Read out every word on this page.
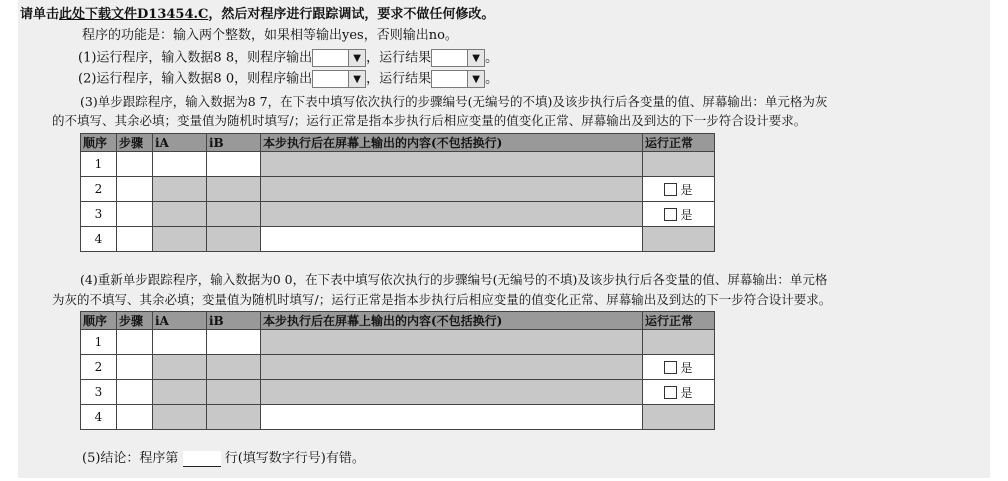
请单击此处下载文件D13454.C，然后对程序进行跟踪调试，要求不做任何修改。
程序的功能是：输入两个整数，如果相等输出yes，否则输出no。
(1)运行程序，输入数据8 8，则程序输出	▼ ，运行结果	▼ 。
(2)运行程序，输入数据8 0，则程序输出	▼ ，运行结果	▼ 。
(3)单步跟踪程序，输入数据为8 7，在下表中填写依次执行的步骤编号(无编号的不填)及该步执行后各变量的值、屏幕输出：单元格为灰
的不填写、其余必填；变量值为随机时填写/；运行正常是指本步执行后相应变量的值变化正常、屏幕输出及到达的下一步符合设计要求。
顺序	步骤	iA	iB	本步执行后在屏幕上输出的内容(不包括换行)	运行正常
1					
2					是
3					是
4					
(4)重新单步跟踪程序，输入数据为0 0，在下表中填写依次执行的步骤编号(无编号的不填)及该步执行后各变量的值、屏幕输出：单元格
为灰的不填写、其余必填；变量值为随机时填写/；运行正常是指本步执行后相应变量的值变化正常、屏幕输出及到达的下一步符合设计要求。
顺序	步骤	iA	iB	本步执行后在屏幕上输出的内容(不包括换行)	运行正常
1					
2					是
3					是
4					
(5)结论：程序第	行(填写数字行号)有错。
